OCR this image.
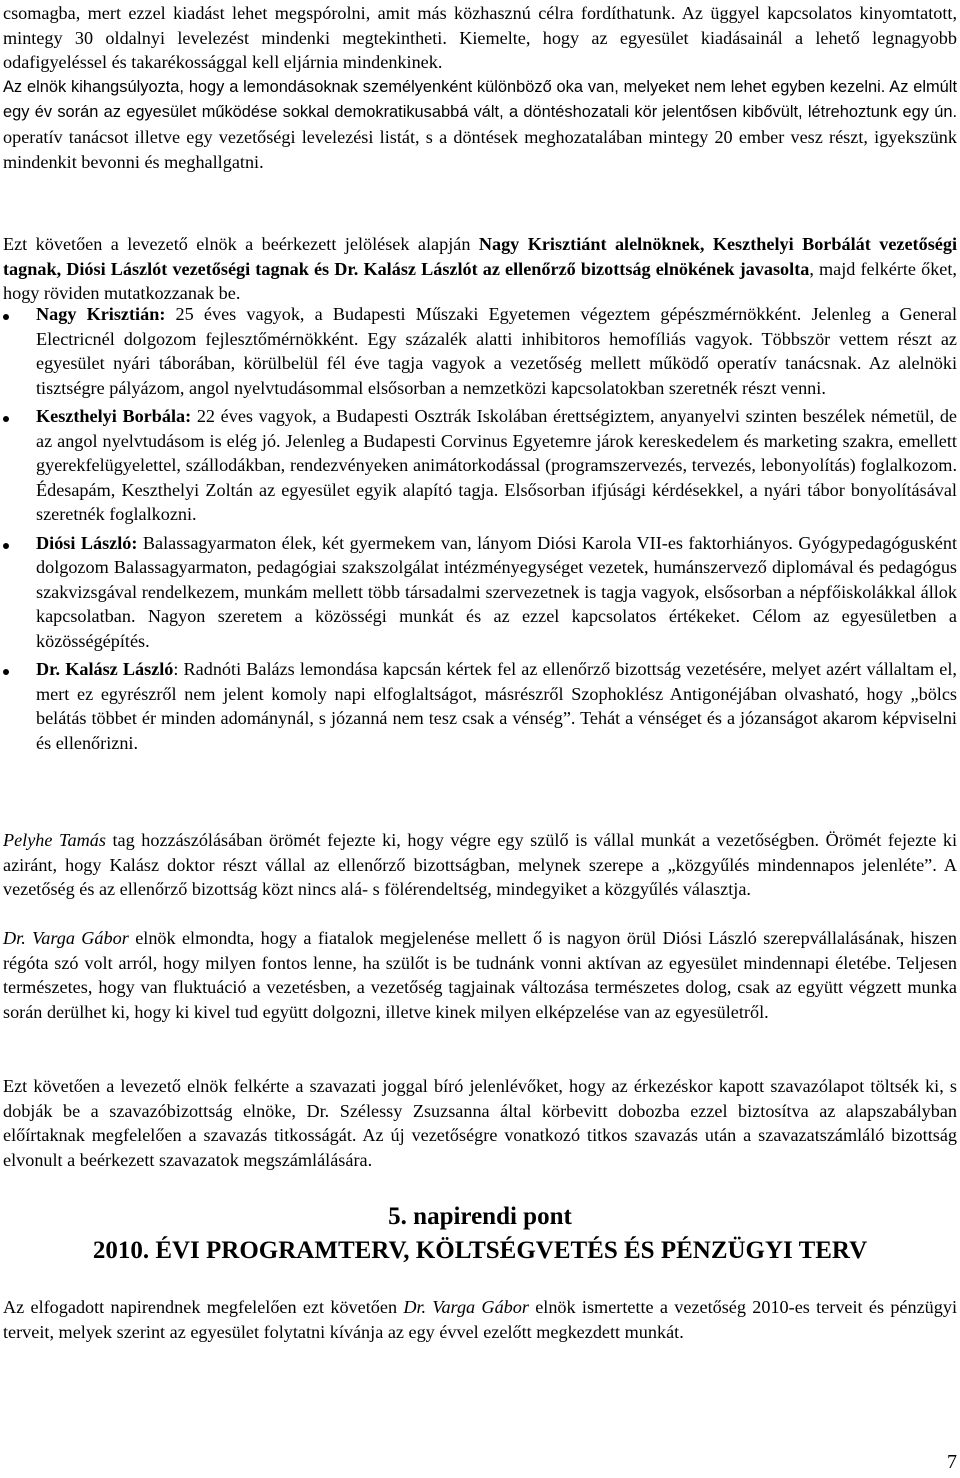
csomagba, mert ezzel kiadást lehet megspórolni, amit más közhasznú célra fordíthatunk. Az üggyel kapcsolatos kinyomtatott, mintegy 30 oldalnyi levelezést mindenki megtekintheti. Kiemelte, hogy az egyesület kiadásainál a lehető legnagyobb odafigyeléssel és takarékossággal kell eljárnia mindenkinek.
Az elnök kihangsúlyozta, hogy a lemondásoknak személyenként különböző oka van, melyeket nem lehet egyben kezelni. Az elmúlt egy év során az egyesület működése sokkal demokratikusabbá vált, a döntéshozatali kör jelentősen kibővült, létrehoztunk egy ún. operatív tanácsot illetve egy vezetőségi levelezési listát, s a döntések meghozatalában mintegy 20 ember vesz részt, igyekszünk mindenkit bevonni és meghallgatni.

Ezt követően a levezető elnök a beérkezett jelölések alapján Nagy Krisztiánt alelnöknek, Keszthelyi Borbálát vezetőségi tagnak, Diósi Lászlót vezetőségi tagnak és Dr. Kalász Lászlót az ellenőrző bizottság elnökének javasolta, majd felkérte őket, hogy röviden mutatkozzanak be.

Nagy Krisztián: 25 éves vagyok, a Budapesti Műszaki Egyetemen végeztem gépészmérnökként. Jelenleg a General Electricnél dolgozom fejlesztőmérnökként. Egy százalék alatti inhibitoros hemofíliás vagyok. Többször vettem részt az egyesület nyári táborában, körülbelül fél éve tagja vagyok a vezetőség mellett működő operatív tanácsnak. Az alelnöki tisztségre pályázom, angol nyelvtudásommal elsősorban a nemzetközi kapcsolatokban szeretnék részt venni.
Keszthelyi Borbála: 22 éves vagyok, a Budapesti Osztrák Iskolában érettségiztem, anyanyelvi szinten beszélek németül, de az angol nyelvtudásom is elég jó. Jelenleg a Budapesti Corvinus Egyetemre járok kereskedelem és marketing szakra, emellett gyerekfelügyelettel, szállodákban, rendezvényeken animátorkodással (programszervezés, tervezés, lebonyolítás) foglalkozom. Édesapám, Keszthelyi Zoltán az egyesület egyik alapító tagja. Elsősorban ifjúsági kérdésekkel, a nyári tábor bonyolításával szeretnék foglalkozni.
Diósi László: Balassagyarmaton élek, két gyermekem van, lányom Diósi Karola VII-es faktorhiányos. Gyógypedagógusként dolgozom Balassagyarmaton, pedagógiai szakszolgálat intézményegységet vezetek, humánszervező diplomával és pedagógus szakvizsgával rendelkezem, munkám mellett több társadalmi szervezetnek is tagja vagyok, elsősorban a népfőiskolákkal állok kapcsolatban. Nagyon szeretem a közösségi munkát és az ezzel kapcsolatos értékeket. Célom az egyesületben a közösségépítés.
Dr. Kalász László: Radnóti Balázs lemondása kapcsán kértek fel az ellenőrző bizottság vezetésére, melyet azért vállaltam el, mert ez egyrészről nem jelent komoly napi elfoglaltságot, másrészről Szophoklész Antigonéjában olvasható, hogy „bölcs belátás többet ér minden adománynál, s józanná nem tesz csak a vénség”. Tehát a vénséget és a józanságot akarom képviselni és ellenőrizni.

Pelyhe Tamás tag hozzászólásában örömét fejezte ki, hogy végre egy szülő is vállal munkát a vezetőségben. Örömét fejezte ki aziránt, hogy Kalász doktor részt vállal az ellenőrző bizottságban, melynek szerepe a „közgyűlés mindennapos jelenléte”. A vezetőség és az ellenőrző bizottság közt nincs alá- s fölérendeltség, mindegyiket a közgyűlés választja.

Dr. Varga Gábor elnök elmondta, hogy a fiatalok megjelenése mellett ő is nagyon örül Diósi László szerepvállalásának, hiszen régóta szó volt arról, hogy milyen fontos lenne, ha szülőt is be tudnánk vonni aktívan az egyesület mindennapi életébe. Teljesen természetes, hogy van fluktuáció a vezetésben, a vezetőség tagjainak változása természetes dolog, csak az együtt végzett munka során derülhet ki, hogy ki kivel tud együtt dolgozni, illetve kinek milyen elképzelése van az egyesületről.

Ezt követően a levezető elnök felkérte a szavazati joggal bíró jelenlévőket, hogy az érkezéskor kapott szavazólapot töltsék ki, s dobják be a szavazóbizottság elnöke, Dr. Szélessy Zsuzsanna által körbevitt dobozba ezzel biztosítva az alapszabályban előírtaknak megfelelően a szavazás titkosságát. Az új vezetőségre vonatkozó titkos szavazás után a szavazatszámláló bizottság elvonult a beérkezett szavazatok megszámlálására.

5. napirendi pont
2010. ÉVI PROGRAMTERV, KÖLTSÉGVETÉS ÉS PÉNZÜGYI TERV

Az elfogadott napirendnek megfelelően ezt követően Dr. Varga Gábor elnök ismertette a vezetőség 2010-es terveit és pénzügyi terveit, melyek szerint az egyesület folytatni kívánja az egy évvel ezelőtt megkezdett munkát.

7
